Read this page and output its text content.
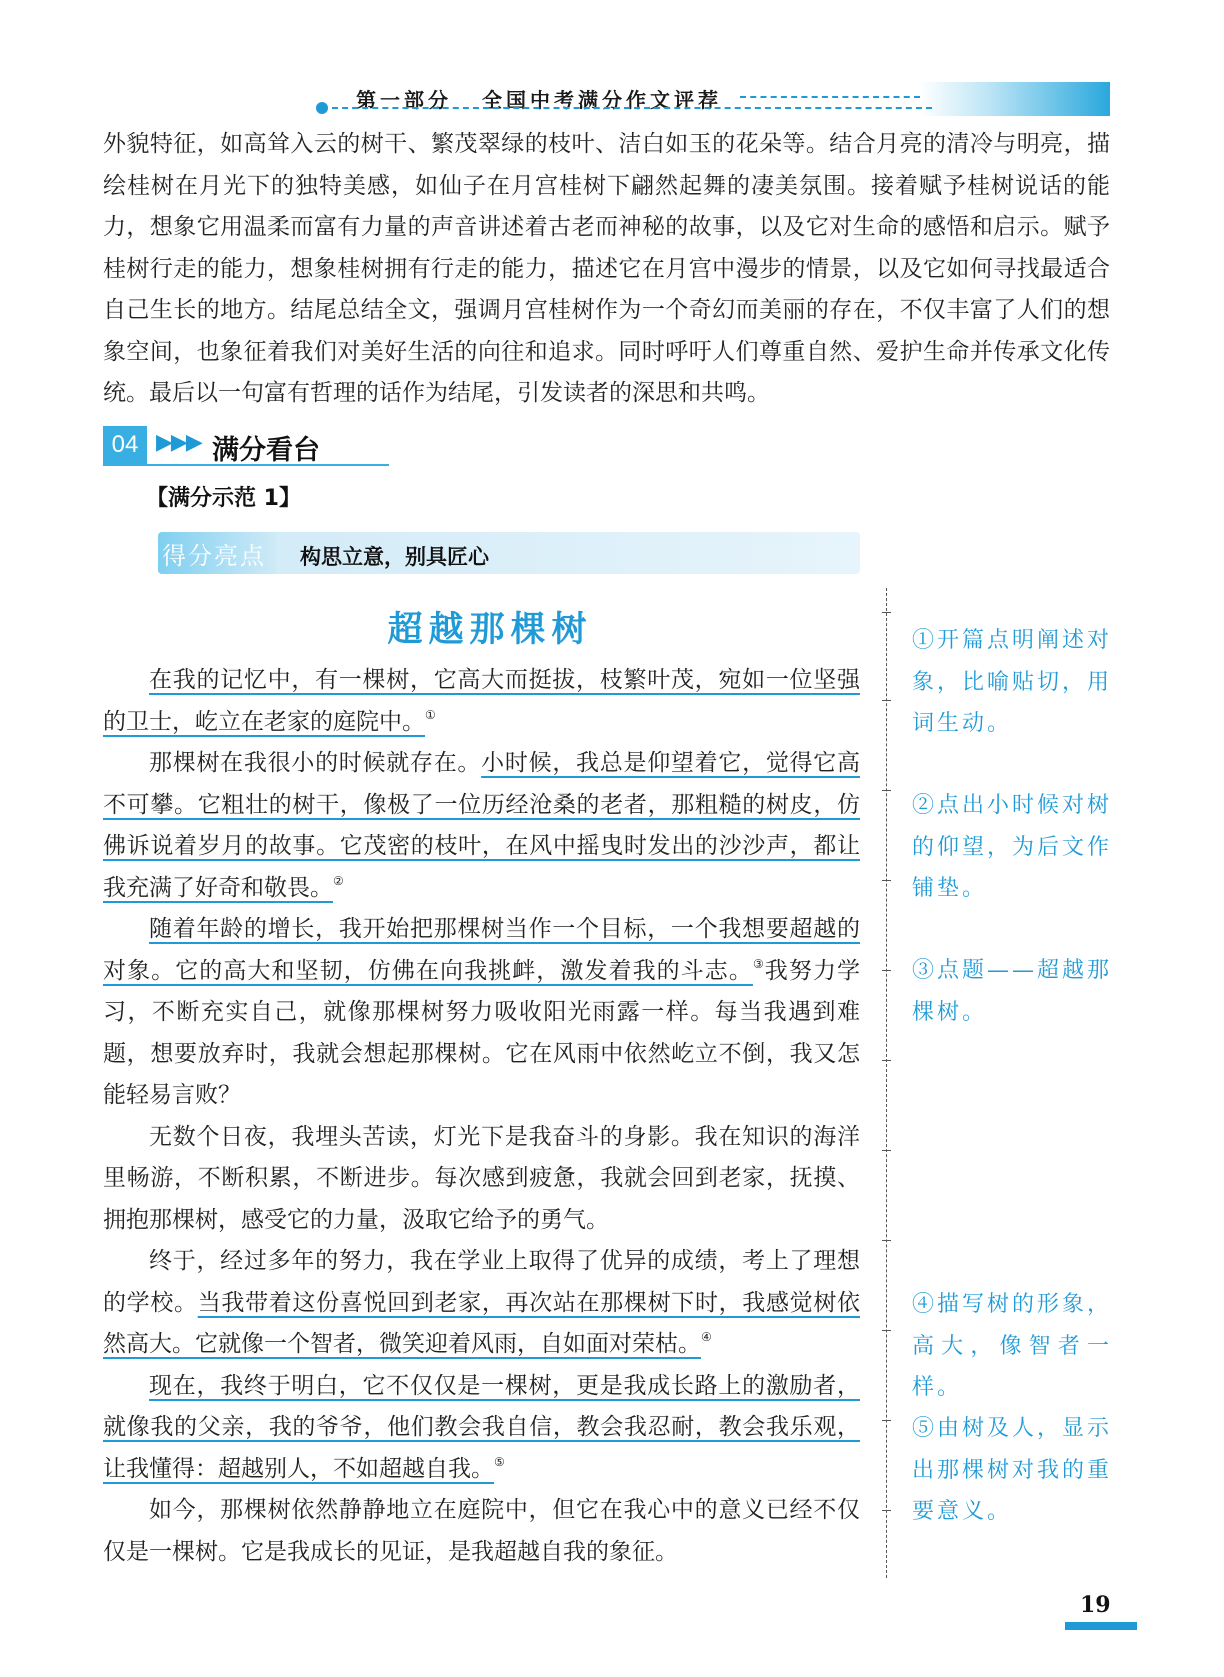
第一部分 全国中考满分作文评荐

外貌特征，如高耸入云的树干、繁茂翠绿的枝叶、洁白如玉的花朵等。结合月亮的清冷与明亮，描绘桂树在月光下的独特美感，如仙子在月宫桂树下翩然起舞的凄美氛围。接着赋予桂树说话的能力，想象它用温柔而富有力量的声音讲述着古老而神秘的故事，以及它对生命的感悟和启示。赋予桂树行走的能力，想象桂树拥有行走的能力，描述它在月宫中漫步的情景，以及它如何寻找最适合自己生长的地方。结尾总结全文，强调月宫桂树作为一个奇幻而美丽的存在，不仅丰富了人们的想象空间，也象征着我们对美好生活的向往和追求。同时呼吁人们尊重自然、爱护生命并传承文化传统。最后以一句富有哲理的话作为结尾，引发读者的深思和共鸣。

04 ▶▶▶ 满分看台
【满分示范 1】
得分亮点 构思立意，别具匠心
超越那棵树

在我的记忆中，有一棵树，它高大而挺拔，枝繁叶茂，宛如一位坚强的卫士，屹立在老家的庭院中。①

那棵树在我很小的时候就存在。小时候，我总是仰望着它，觉得它高不可攀。它粗壮的树干，像极了一位历经沧桑的老者，那粗糙的树皮，仿佛诉说着岁月的故事。它茂密的枝叶，在风中摇曳时发出的沙沙声，都让我充满了好奇和敬畏。②

随着年龄的增长，我开始把那棵树当作一个目标，一个我想要超越的对象。它的高大和坚韧，仿佛在向我挑衅，激发着我的斗志。③我努力学习，不断充实自己，就像那棵树努力吸收阳光雨露一样。每当我遇到难题，想要放弃时，我就会想起那棵树。它在风雨中依然屹立不倒，我又怎能轻易言败？

无数个日夜，我埋头苦读，灯光下是我奋斗的身影。我在知识的海洋里畅游，不断积累，不断进步。每次感到疲惫，我就会回到老家，抚摸、拥抱那棵树，感受它的力量，汲取它给予的勇气。

终于，经过多年的努力，我在学业上取得了优异的成绩，考上了理想的学校。当我带着这份喜悦回到老家，再次站在那棵树下时，我感觉树依然高大。它就像一个智者，微笑迎着风雨，自如面对荣枯。④

现在，我终于明白，它不仅仅是一棵树，更是我成长路上的激励者，就像我的父亲，我的爷爷，他们教会我自信，教会我忍耐，教会我乐观，让我懂得：超越别人，不如超越自我。⑤

如今，那棵树依然静静地立在庭院中，但它在我心中的意义已经不仅仅是一棵树。它是我成长的见证，是我超越自我的象征。

①开篇点明阐述对象，比喻贴切，用词生动。
②点出小时候对树的仰望，为后文作铺垫。
③点题——超越那棵树。
④描写树的形象，高大，像智者一样。
⑤由树及人，显示出那棵树对我的重要意义。
19
